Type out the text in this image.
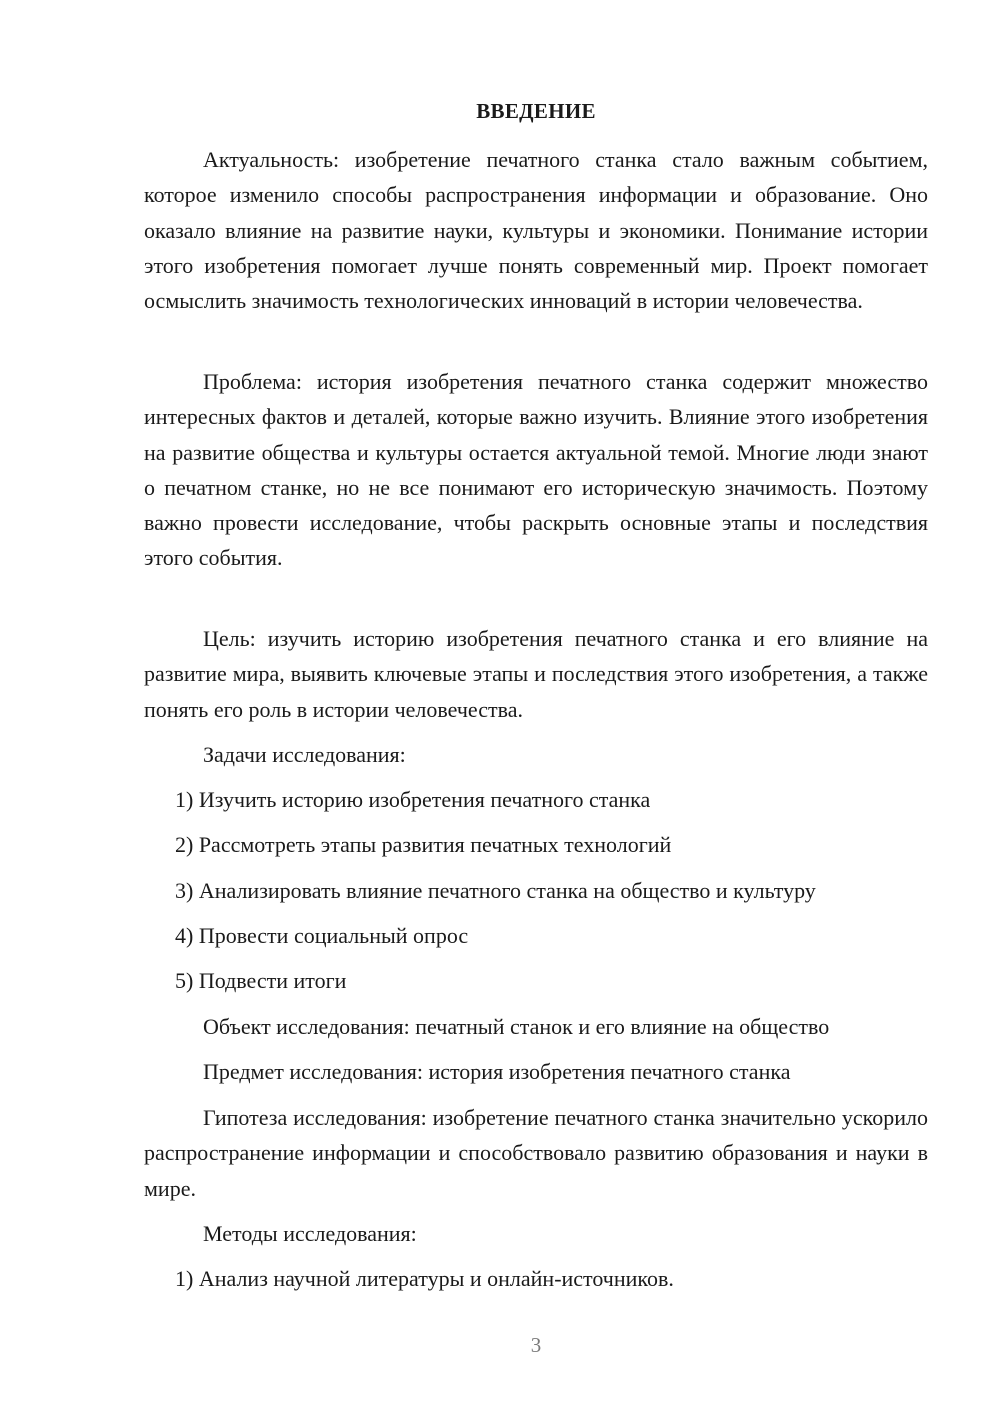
ВВЕДЕНИЕ

Актуальность: изобретение печатного станка стало важным событием, которое изменило способы распространения информации и образование. Оно оказало влияние на развитие науки, культуры и экономики. Понимание истории этого изобретения помогает лучше понять современный мир. Проект помогает осмыслить значимость технологических инноваций в истории человечества.

Проблема: история изобретения печатного станка содержит множество интересных фактов и деталей, которые важно изучить. Влияние этого изобретения на развитие общества и культуры остается актуальной темой. Многие люди знают о печатном станке, но не все понимают его историческую значимость. Поэтому важно провести исследование, чтобы раскрыть основные этапы и последствия этого события.

Цель: изучить историю изобретения печатного станка и его влияние на развитие мира, выявить ключевые этапы и последствия этого изобретения, а также понять его роль в истории человечества.

Задачи исследования:

1) Изучить историю изобретения печатного станка

2) Рассмотреть этапы развития печатных технологий

3) Анализировать влияние печатного станка на общество и культуру

4) Провести социальный опрос

5) Подвести итоги

Объект исследования: печатный станок и его влияние на общество

Предмет исследования: история изобретения печатного станка

Гипотеза исследования: изобретение печатного станка значительно ускорило распространение информации и способствовало развитию образования и науки в мире.

Методы исследования:

1) Анализ научной литературы и онлайн-источников.

3
